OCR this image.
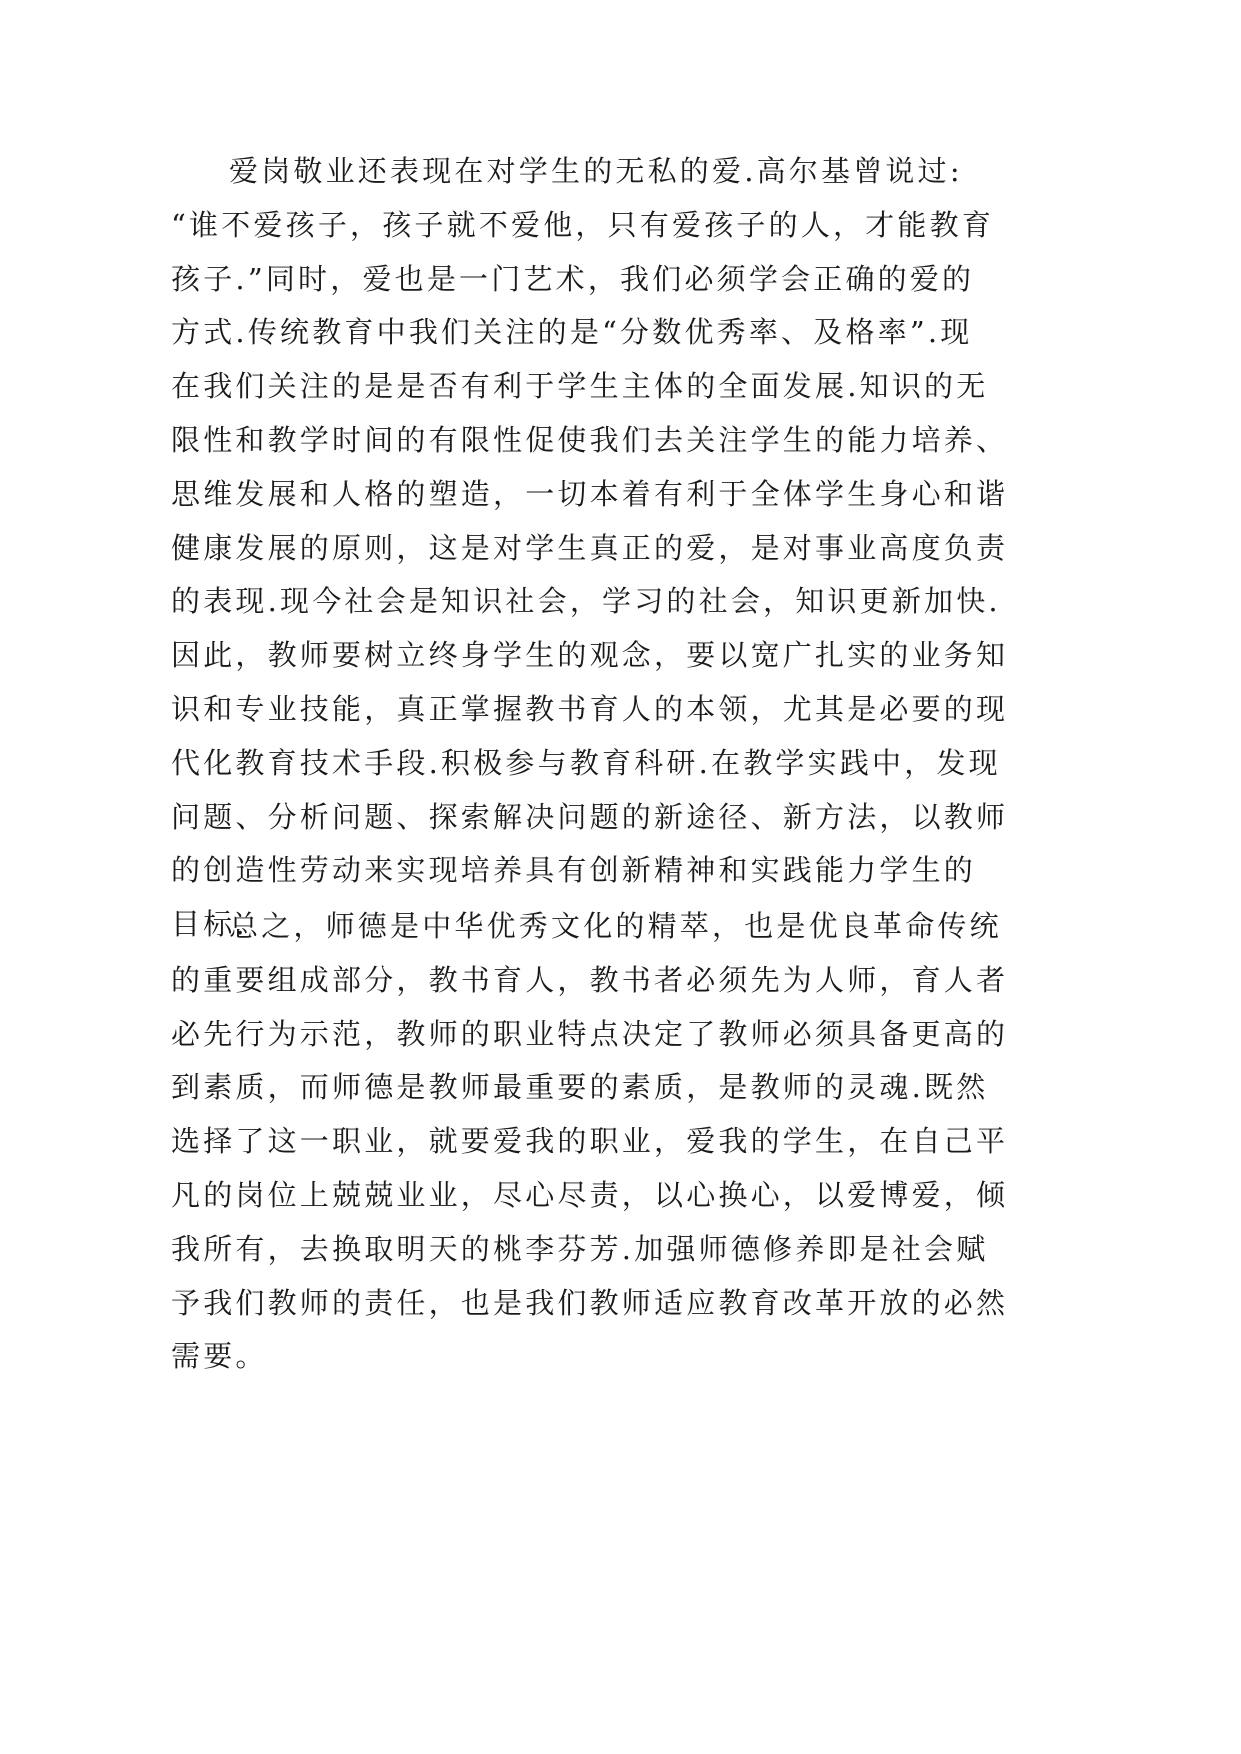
爱岗敬业还表现在对学生的无私的爱.高尔基曾说过:
“谁不爱孩子，孩子就不爱他，只有爱孩子的人，才能教育
孩子.”同时，爱也是一门艺术，我们必须学会正确的爱的
方式.传统教育中我们关注的是“分数优秀率、及格率”.现
在我们关注的是是否有利于学生主体的全面发展.知识的无
限性和教学时间的有限性促使我们去关注学生的能力培养、
思维发展和人格的塑造，一切本着有利于全体学生身心和谐
健康发展的原则，这是对学生真正的爱，是对事业高度负责
的表现.现今社会是知识社会，学习的社会，知识更新加快.
因此，教师要树立终身学生的观念，要以宽广扎实的业务知
识和专业技能，真正掌握教书育人的本领，尤其是必要的现
代化教育技术手段.积极参与教育科研.在教学实践中，发现
问题、分析问题、探索解决问题的新途径、新方法，以教师
的创造性劳动来实现培养具有创新精神和实践能力学生的
目标.
总之，师德是中华优秀文化的精萃，也是优良革命传统
的重要组成部分，教书育人，教书者必须先为人师，育人者
必先行为示范，教师的职业特点决定了教师必须具备更高的
到素质，而师德是教师最重要的素质，是教师的灵魂.既然
选择了这一职业，就要爱我的职业，爱我的学生，在自己平
凡的岗位上兢兢业业，尽心尽责，以心换心，以爱博爱，倾
我所有，去换取明天的桃李芬芳.加强师德修养即是社会赋
予我们教师的责任，也是我们教师适应教育改革开放的必然
需要。
